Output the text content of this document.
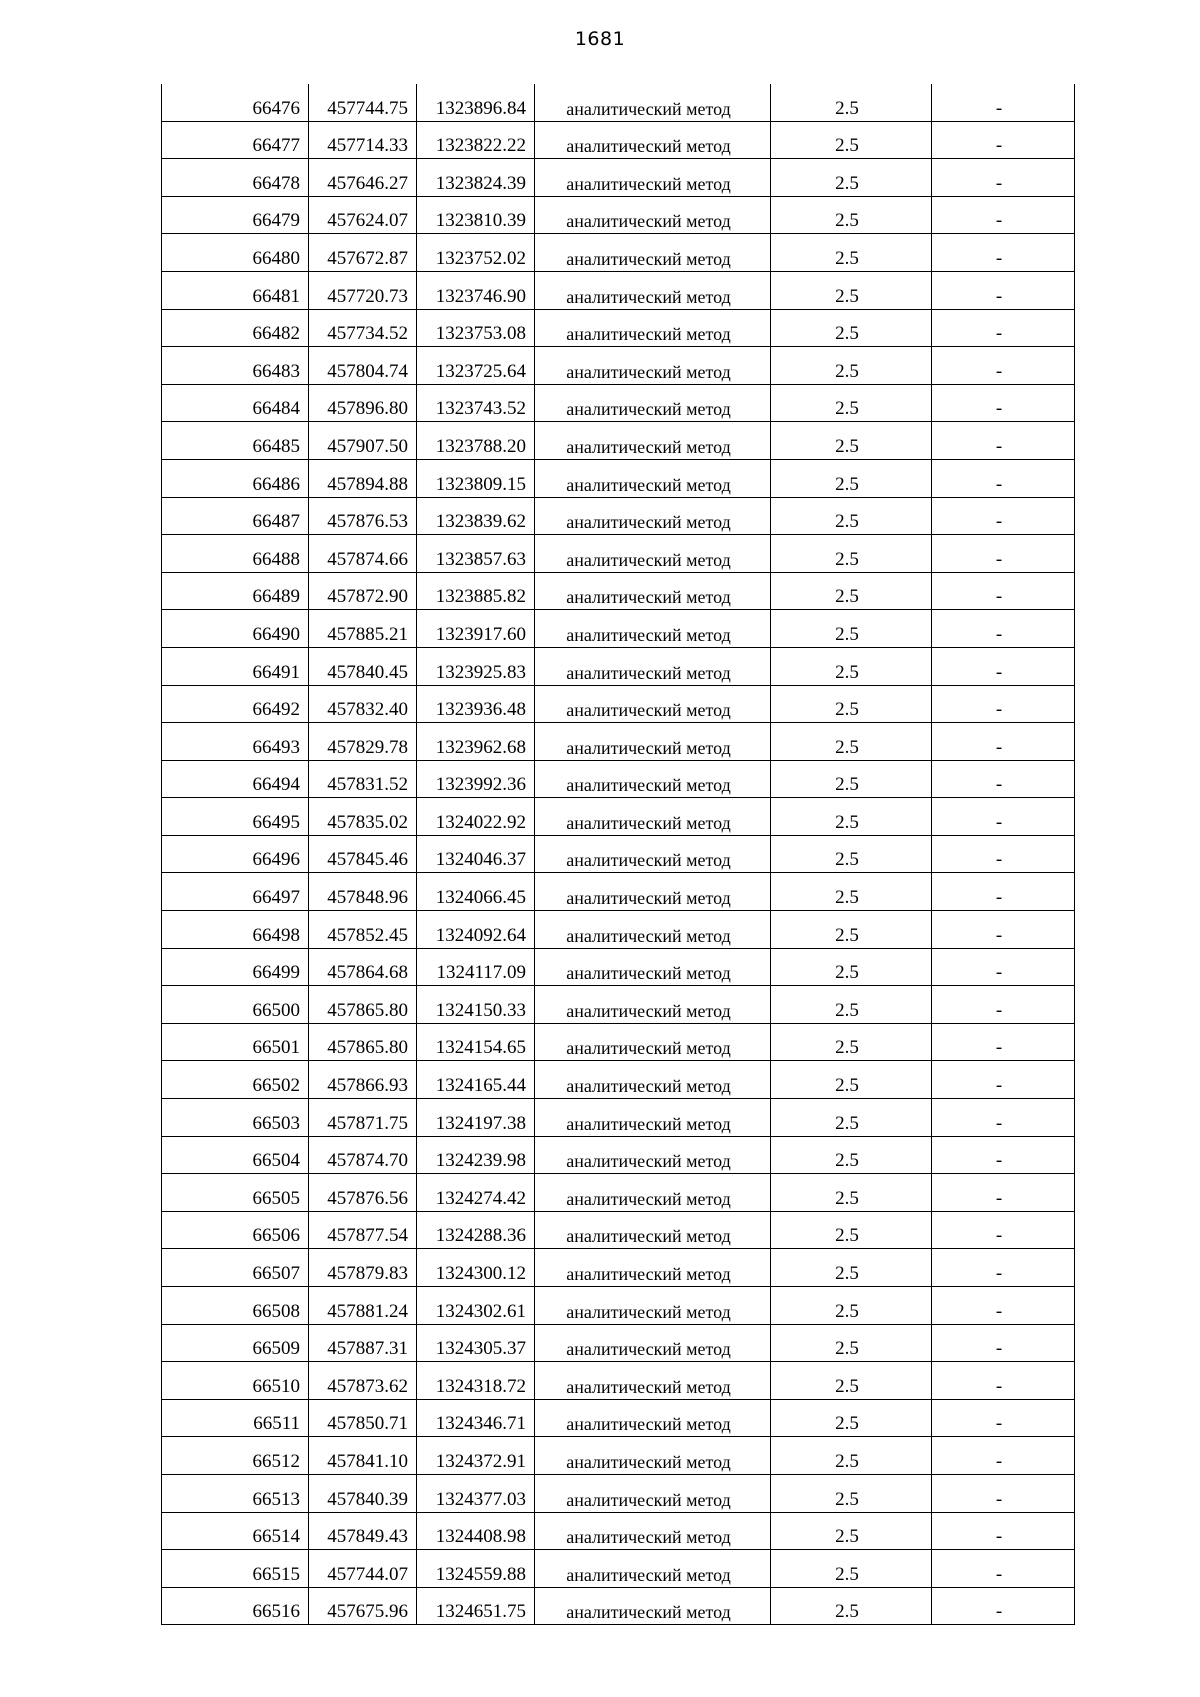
1681
66476	457744.75	1323896.84	аналитический метод	2.5	-
66477	457714.33	1323822.22	аналитический метод	2.5	-
66478	457646.27	1323824.39	аналитический метод	2.5	-
66479	457624.07	1323810.39	аналитический метод	2.5	-
66480	457672.87	1323752.02	аналитический метод	2.5	-
66481	457720.73	1323746.90	аналитический метод	2.5	-
66482	457734.52	1323753.08	аналитический метод	2.5	-
66483	457804.74	1323725.64	аналитический метод	2.5	-
66484	457896.80	1323743.52	аналитический метод	2.5	-
66485	457907.50	1323788.20	аналитический метод	2.5	-
66486	457894.88	1323809.15	аналитический метод	2.5	-
66487	457876.53	1323839.62	аналитический метод	2.5	-
66488	457874.66	1323857.63	аналитический метод	2.5	-
66489	457872.90	1323885.82	аналитический метод	2.5	-
66490	457885.21	1323917.60	аналитический метод	2.5	-
66491	457840.45	1323925.83	аналитический метод	2.5	-
66492	457832.40	1323936.48	аналитический метод	2.5	-
66493	457829.78	1323962.68	аналитический метод	2.5	-
66494	457831.52	1323992.36	аналитический метод	2.5	-
66495	457835.02	1324022.92	аналитический метод	2.5	-
66496	457845.46	1324046.37	аналитический метод	2.5	-
66497	457848.96	1324066.45	аналитический метод	2.5	-
66498	457852.45	1324092.64	аналитический метод	2.5	-
66499	457864.68	1324117.09	аналитический метод	2.5	-
66500	457865.80	1324150.33	аналитический метод	2.5	-
66501	457865.80	1324154.65	аналитический метод	2.5	-
66502	457866.93	1324165.44	аналитический метод	2.5	-
66503	457871.75	1324197.38	аналитический метод	2.5	-
66504	457874.70	1324239.98	аналитический метод	2.5	-
66505	457876.56	1324274.42	аналитический метод	2.5	-
66506	457877.54	1324288.36	аналитический метод	2.5	-
66507	457879.83	1324300.12	аналитический метод	2.5	-
66508	457881.24	1324302.61	аналитический метод	2.5	-
66509	457887.31	1324305.37	аналитический метод	2.5	-
66510	457873.62	1324318.72	аналитический метод	2.5	-
66511	457850.71	1324346.71	аналитический метод	2.5	-
66512	457841.10	1324372.91	аналитический метод	2.5	-
66513	457840.39	1324377.03	аналитический метод	2.5	-
66514	457849.43	1324408.98	аналитический метод	2.5	-
66515	457744.07	1324559.88	аналитический метод	2.5	-
66516	457675.96	1324651.75	аналитический метод	2.5	-
